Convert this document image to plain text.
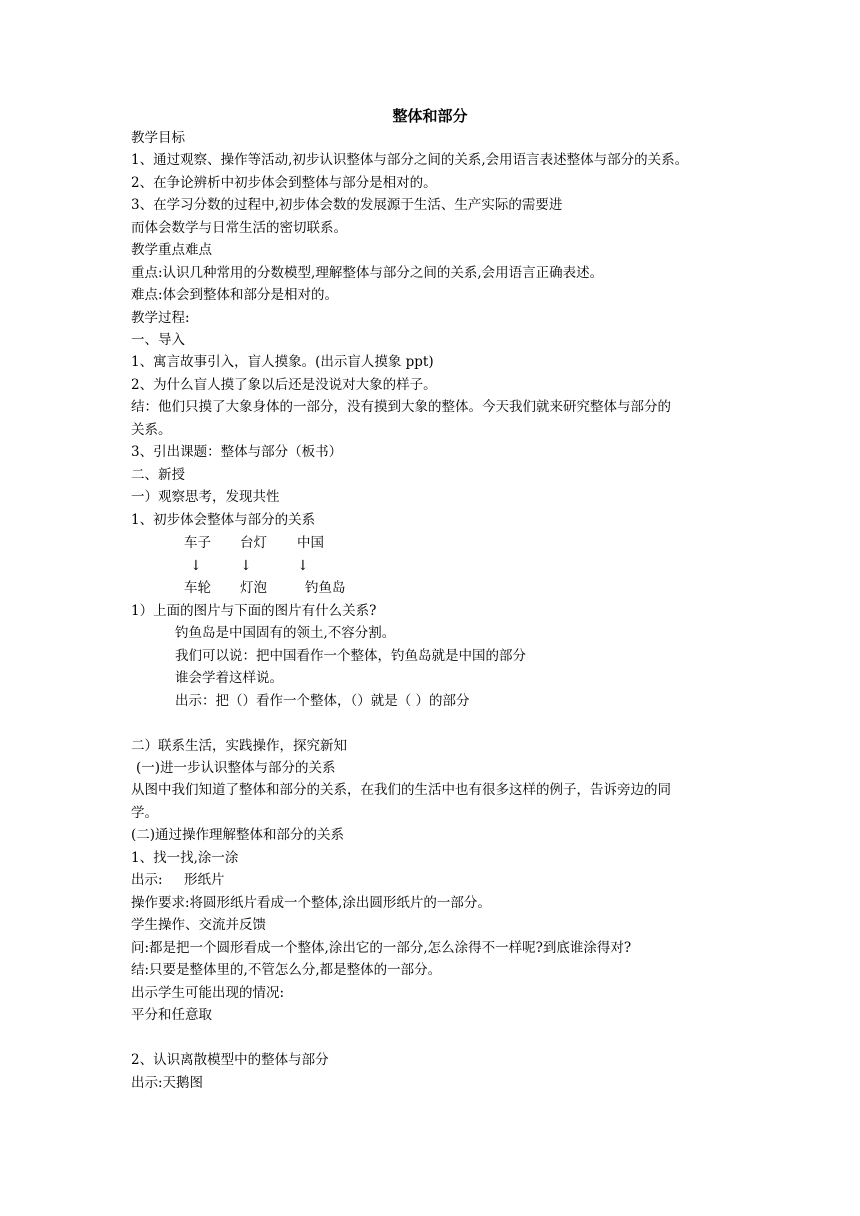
整体和部分
教学目标
1、通过观察、操作等活动,初步认识整体与部分之间的关系,会用语言表述整体与部分的关系。
2、在争论辨析中初步体会到整体与部分是相对的。
3、在学习分数的过程中,初步体会数的发展源于生活、生产实际的需要进
而体会数学与日常生活的密切联系。
教学重点难点
重点:认识几种常用的分数模型,理解整体与部分之间的关系,会用语言正确表述。
难点:体会到整体和部分是相对的。
教学过程:
一、导入
1、寓言故事引入，盲人摸象。(出示盲人摸象 ppt)
2、为什么盲人摸了象以后还是没说对大象的样子。
结：他们只摸了大象身体的一部分，没有摸到大象的整体。今天我们就来研究整体与部分的
关系。
3、引出课题：整体与部分（板书）
二、新授
一）观察思考，发现共性
1、初步体会整体与部分的关系
车子 台灯 中国
↓	↓	↓
车轮 灯泡	钓鱼岛
1）上面的图片与下面的图片有什么关系?
钓鱼岛是中国固有的领土,不容分割。
我们可以说：把中国看作一个整体，钓鱼岛就是中国的部分
谁会学着这样说。
出示：把（）看作一个整体，（）就是（ ）的部分
二）联系生活，实践操作，探究新知
(一)进一步认识整体与部分的关系
从图中我们知道了整体和部分的关系，在我们的生活中也有很多这样的例子，告诉旁边的同
学。
(二)通过操作理解整体和部分的关系
1、找一找,涂一涂
出示:     形纸片
操作要求:将圆形纸片看成一个整体,涂出圆形纸片的一部分。
学生操作、交流并反馈
问:都是把一个圆形看成一个整体,涂出它的一部分,怎么涂得不一样呢?到底谁涂得对?
结:只要是整体里的,不管怎么分,都是整体的一部分。
出示学生可能出现的情况:
平分和任意取
2、认识离散模型中的整体与部分
出示:天鹅图
